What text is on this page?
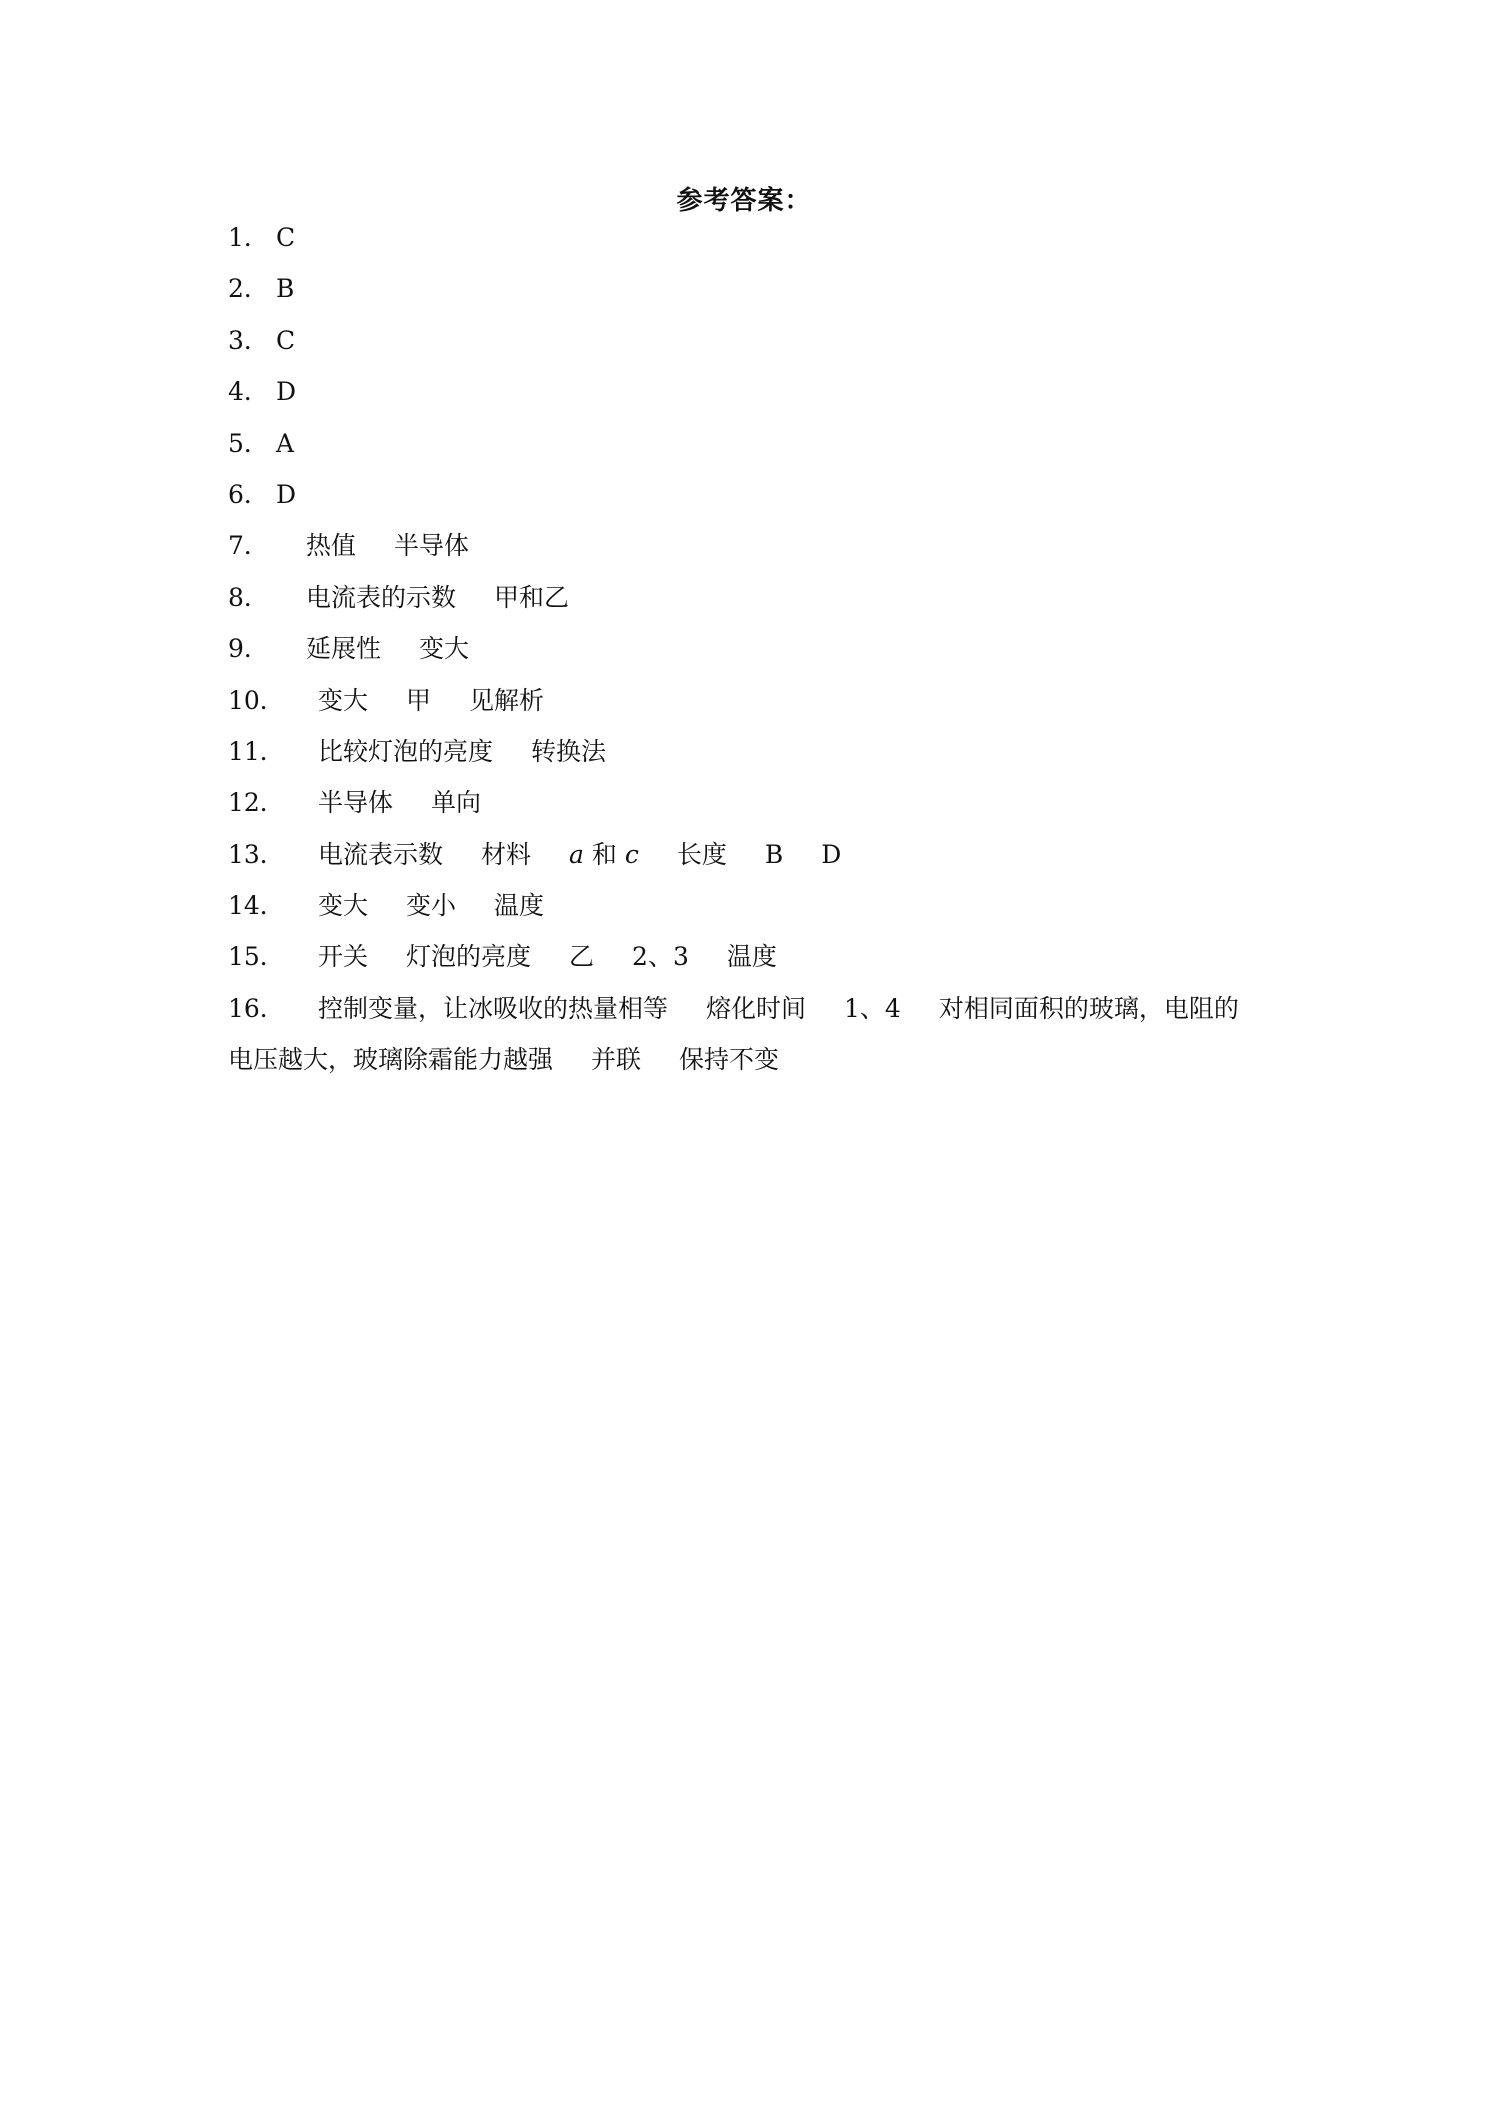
参考答案：
1． C
2． B
3． C
4． D
5． A
6． D
7． 热值 半导体
8． 电流表的示数 甲和乙
9． 延展性 变大
10． 变大 甲 见解析
11． 比较灯泡的亮度 转换法
12． 半导体 单向
13． 电流表示数 材料 a 和 c 长度 B D
14． 变大 变小 温度
15． 开关 灯泡的亮度 乙 2、3 温度
16． 控制变量，让冰吸收的热量相等 熔化时间 1、4 对相同面积的玻璃，电阻的
电压越大，玻璃除霜能力越强 并联 保持不变
